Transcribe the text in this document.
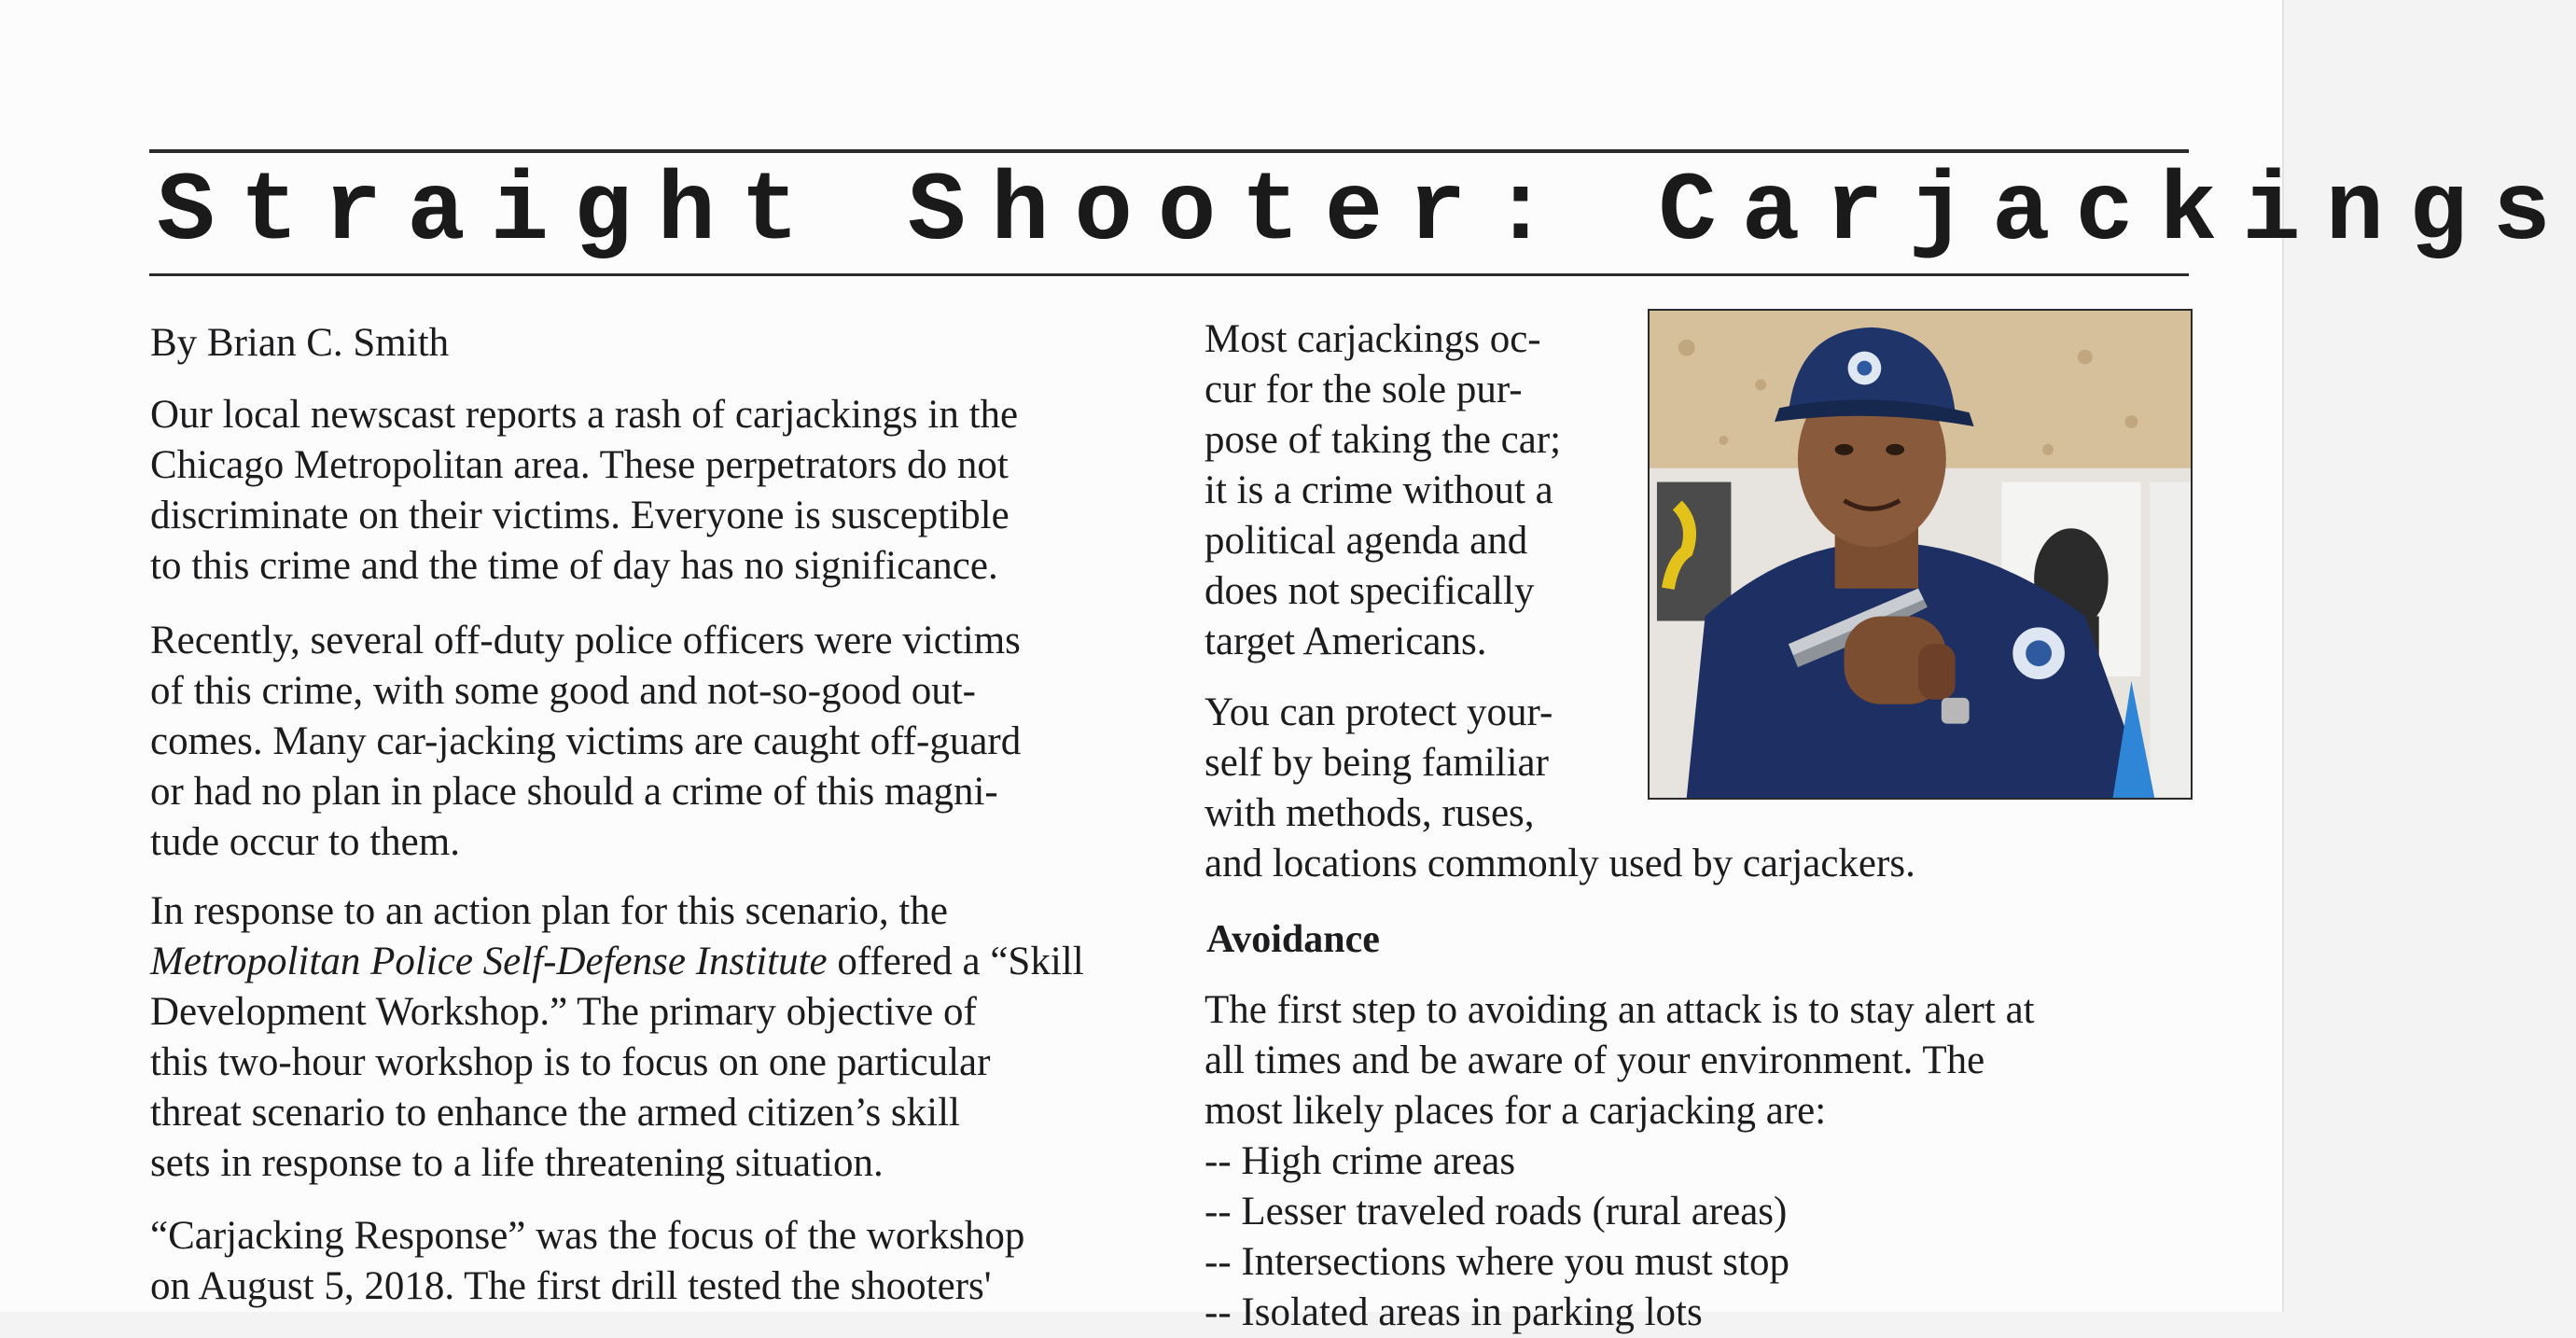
Straight Shooter: Carjackings
By Brian C. Smith
Our local newscast reports a rash of carjackings in the
Chicago Metropolitan area. These perpetrators do not
discriminate on their victims. Everyone is susceptible
to this crime and the time of day has no significance.
Recently, several off-duty police officers were victims
of this crime, with some good and not-so-good out-
comes. Many car-jacking victims are caught off-guard
or had no plan in place should a crime of this magni-
tude occur to them.
In response to an action plan for this scenario, the
Metropolitan Police Self-Defense Institute offered a “Skill
Development Workshop.” The primary objective of
this two-hour workshop is to focus on one particular
threat scenario to enhance the armed citizen’s skill
sets in response to a life threatening situation.
“Carjacking Response” was the focus of the workshop
on August 5, 2018. The first drill tested the shooters'
Most carjackings oc-
cur for the sole pur-
pose of taking the car;
it is a crime without a
political agenda and
does not specifically
target Americans.
You can protect your-
self by being familiar
with methods, ruses,
and locations commonly used by carjackers.
Avoidance
The first step to avoiding an attack is to stay alert at
all times and be aware of your environment. The
most likely places for a carjacking are:
-- High crime areas
-- Lesser traveled roads (rural areas)
-- Intersections where you must stop
-- Isolated areas in parking lots
